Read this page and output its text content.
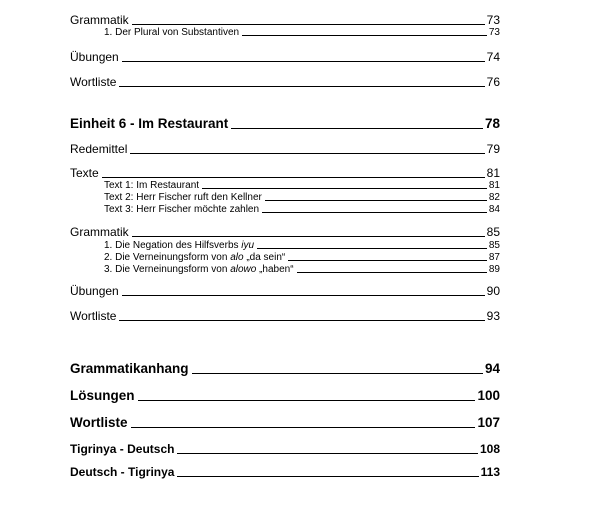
Grammatik	73
1. Der Plural von Substantiven	73
Übungen	74
Wortliste	76
Einheit 6 - Im Restaurant	78
Redemittel	79
Texte	81
Text 1: Im Restaurant	81
Text 2: Herr Fischer ruft den Kellner	82
Text 3: Herr Fischer möchte zahlen	84
Grammatik	85
1. Die Negation des Hilfsverbs iyu	85
2. Die Verneinungsform von alo „da sein“	87
3. Die Verneinungsform von alowo „haben“	89
Übungen	90
Wortliste	93
Grammatikanhang	94
Lösungen	100
Wortliste	107
Tigrinya - Deutsch	108
Deutsch - Tigrinya	113
